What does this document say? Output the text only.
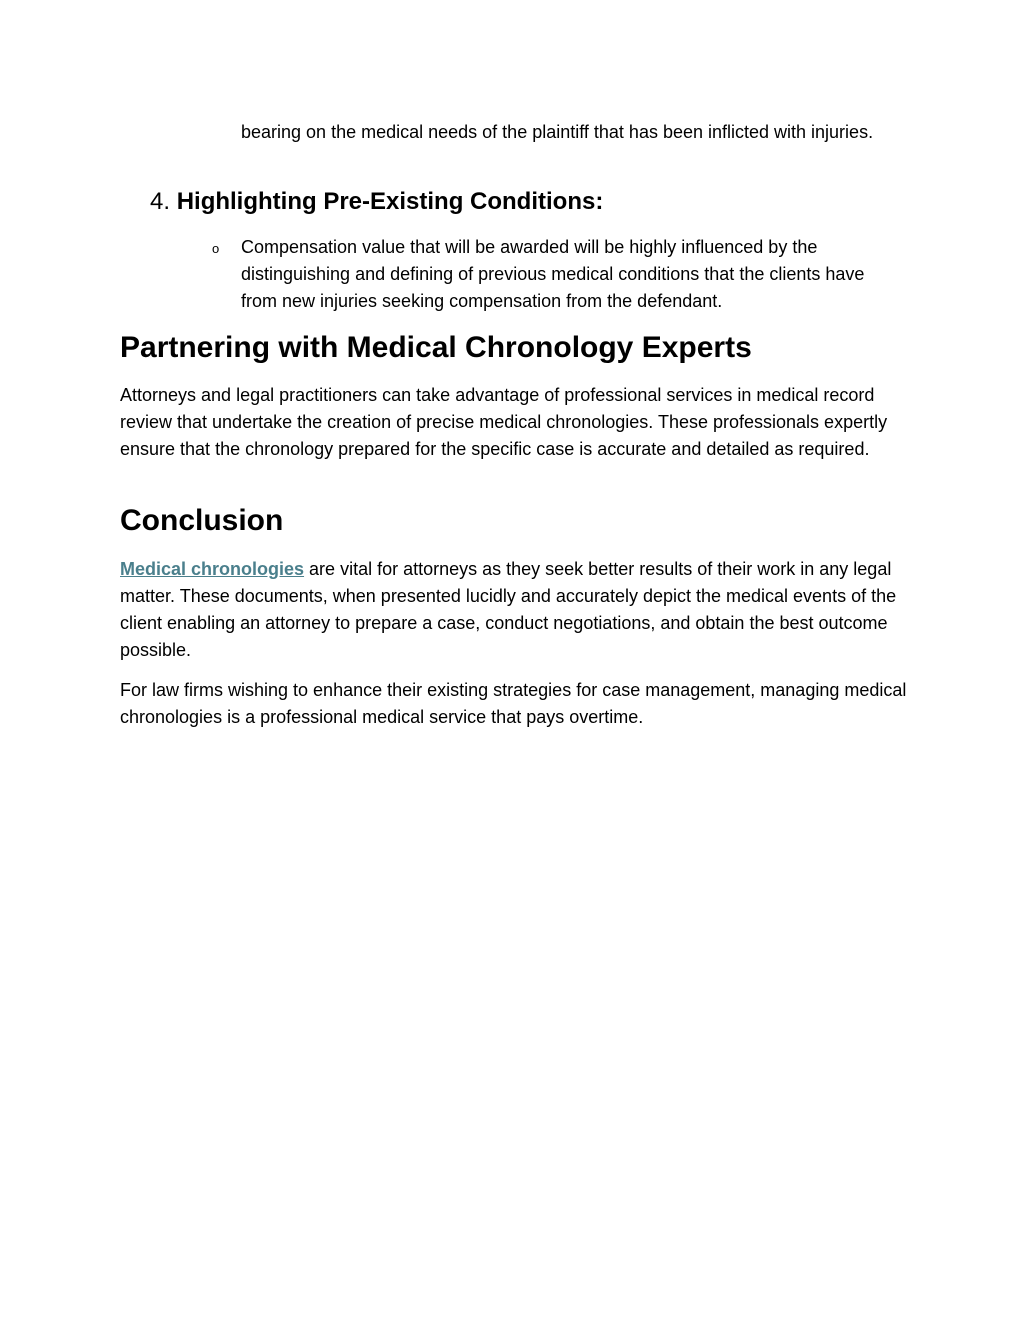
bearing on the medical needs of the plaintiff that has been inflicted with injuries.

4. Highlighting Pre-Existing Conditions:
o Compensation value that will be awarded will be highly influenced by the distinguishing and defining of previous medical conditions that the clients have from new injuries seeking compensation from the defendant.

Partnering with Medical Chronology Experts

Attorneys and legal practitioners can take advantage of professional services in medical record review that undertake the creation of precise medical chronologies. These professionals expertly ensure that the chronology prepared for the specific case is accurate and detailed as required.

Conclusion

Medical chronologies are vital for attorneys as they seek better results of their work in any legal matter. These documents, when presented lucidly and accurately depict the medical events of the client enabling an attorney to prepare a case, conduct negotiations, and obtain the best outcome possible.

For law firms wishing to enhance their existing strategies for case management, managing medical chronologies is a professional medical service that pays overtime.
